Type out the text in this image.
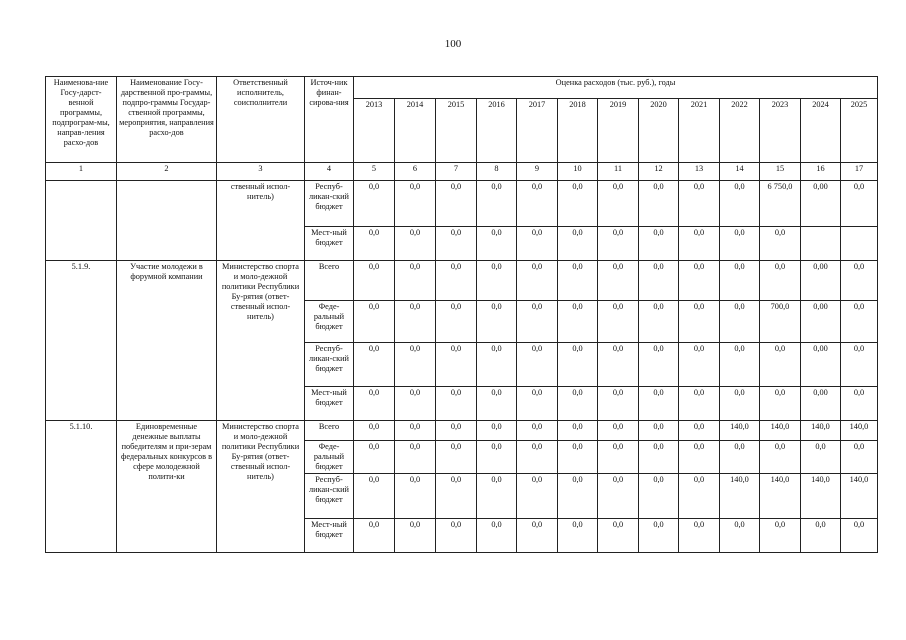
100
Наименова-ние Госу-дарст-венной программы, подпрограм-мы, направ-ления расхо-дов	Наименование Госу-дарственной про-граммы, подпро-граммы Государ-ственной программы, мероприятия, направления расхо-дов	Ответственный исполнитель, соисполнители	Источ-ник финан-сирова-ния	Оценка расходов (тыс. руб.), годы												
				2013	2014	2015	2016	2017	2018	2019	2020	2021	2022	2023	2024	2025
1	2	3	4	5	6	7	8	9	10	11	12	13	14	15	16	17
		ственный испол-нитель)	Респуб-ликан-ский бюджет	0,0	0,0	0,0	0,0	0,0	0,0	0,0	0,0	0,0	0,0	6 750,0	0,00	0,0
			Мест-ный бюджет	0,0	0,0	0,0	0,0	0,0	0,0	0,0	0,0	0,0	0,0	0,0		
5.1.9.	Участие молодежи в форумной компании	Министерство спорта и моло-дежной политики Республики Бу-рятия (ответ-ственный испол-нитель)	Всего	0,0	0,0	0,0	0,0	0,0	0,0	0,0	0,0	0,0	0,0	0,0	0,00	0,0
			Феде-ральный бюджет	0,0	0,0	0,0	0,0	0,0	0,0	0,0	0,0	0,0	0,0	700,0	0,00	0,0
			Респуб-ликан-ский бюджет	0,0	0,0	0,0	0,0	0,0	0,0	0,0	0,0	0,0	0,0	0,0	0,00	0,0
			Мест-ный бюджет	0,0	0,0	0,0	0,0	0,0	0,0	0,0	0,0	0,0	0,0	0,0	0,00	0,0
5.1.10.	Единовременные денежные выплаты победителям и при-зерам федеральных конкурсов в сфере молодежной полити-ки	Министерство спорта и моло-дежной политики Республики Бу-рятия (ответ-ственный испол-нитель)	Всего	0,0	0,0	0,0	0,0	0,0	0,0	0,0	0,0	0,0	140,0	140,0	140,0	140,0
			Феде-ральный бюджет	0,0	0,0	0,0	0,0	0,0	0,0	0,0	0,0	0,0	0,0	0,0	0,0	0,0
			Респуб-ликан-ский бюджет	0,0	0,0	0,0	0,0	0,0	0,0	0,0	0,0	0,0	140,0	140,0	140,0	140,0
			Мест-ный бюджет	0,0	0,0	0,0	0,0	0,0	0,0	0,0	0,0	0,0	0,0	0,0	0,0	0,0
